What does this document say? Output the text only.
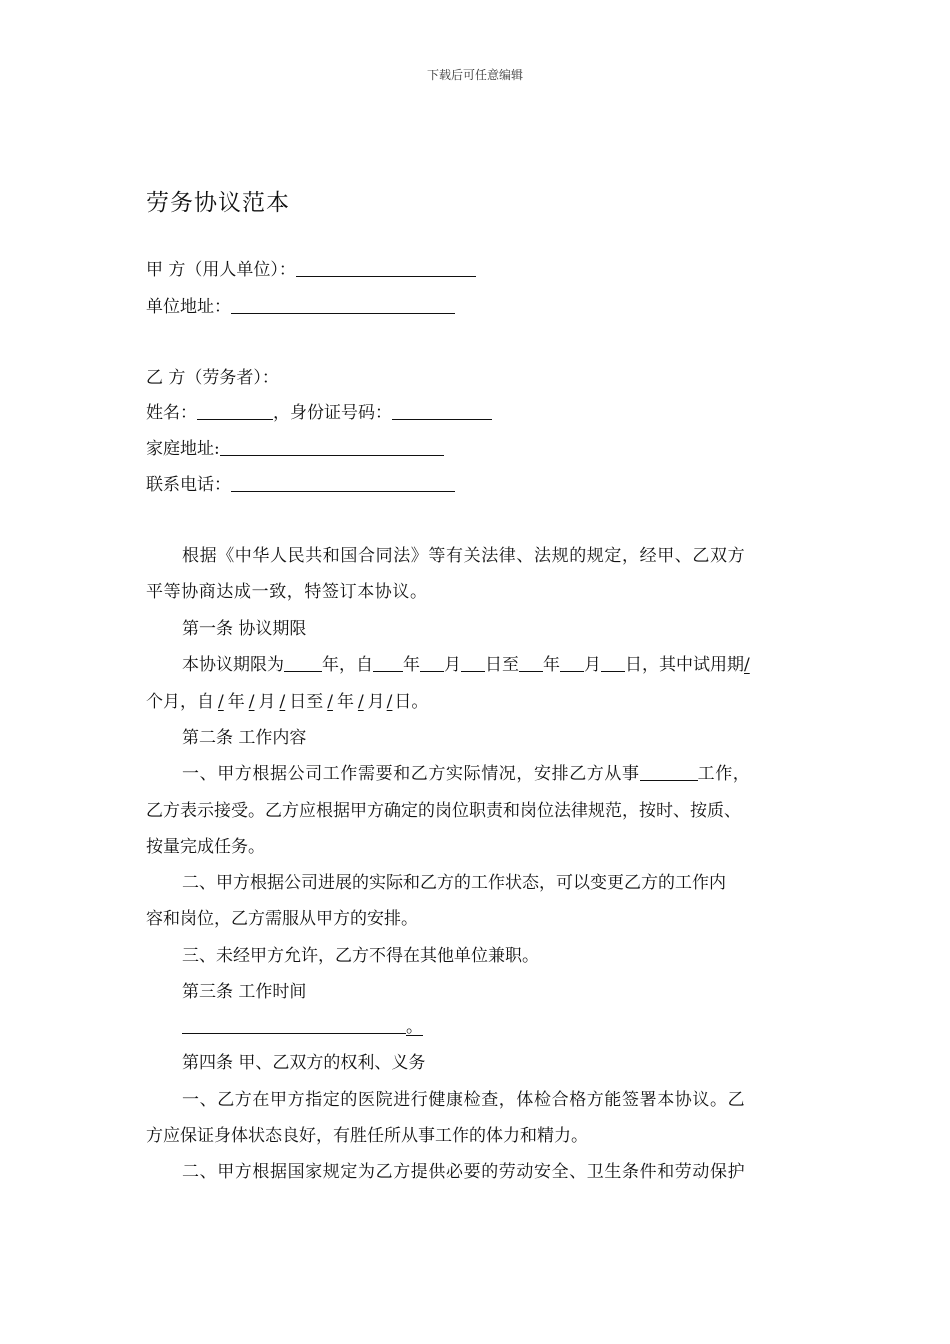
下载后可任意编辑
劳务协议范本
甲 方（用人单位）：
单位地址：
乙 方（劳务者）：
姓名：	，身份证号码：
家庭地址:
联系电话：
根据《中华人民共和国合同法》等有关法律、法规的规定，经甲、乙双方
平等协商达成一致，特签订本协议。
第一条 协议期限
本协议期限为 年，自 年 月 日至 年 月 日，其中试用期/
个月，自 / 年 / 月 / 日至 / 年 / 月 / 日。
第二条 工作内容
一、甲方根据公司工作需要和乙方实际情况，安排乙方从事	工作，
乙方表示接受。乙方应根据甲方确定的岗位职责和岗位法律规范，按时、按质、
按量完成任务。
二、甲方根据公司进展的实际和乙方的工作状态，可以变更乙方的工作内
容和岗位，乙方需服从甲方的安排。
三、未经甲方允许，乙方不得在其他单位兼职。
第三条 工作时间
。
第四条 甲、乙双方的权利、义务
一、乙方在甲方指定的医院进行健康检查，体检合格方能签署本协议。乙
方应保证身体状态良好，有胜任所从事工作的体力和精力。
二、甲方根据国家规定为乙方提供必要的劳动安全、卫生条件和劳动保护
